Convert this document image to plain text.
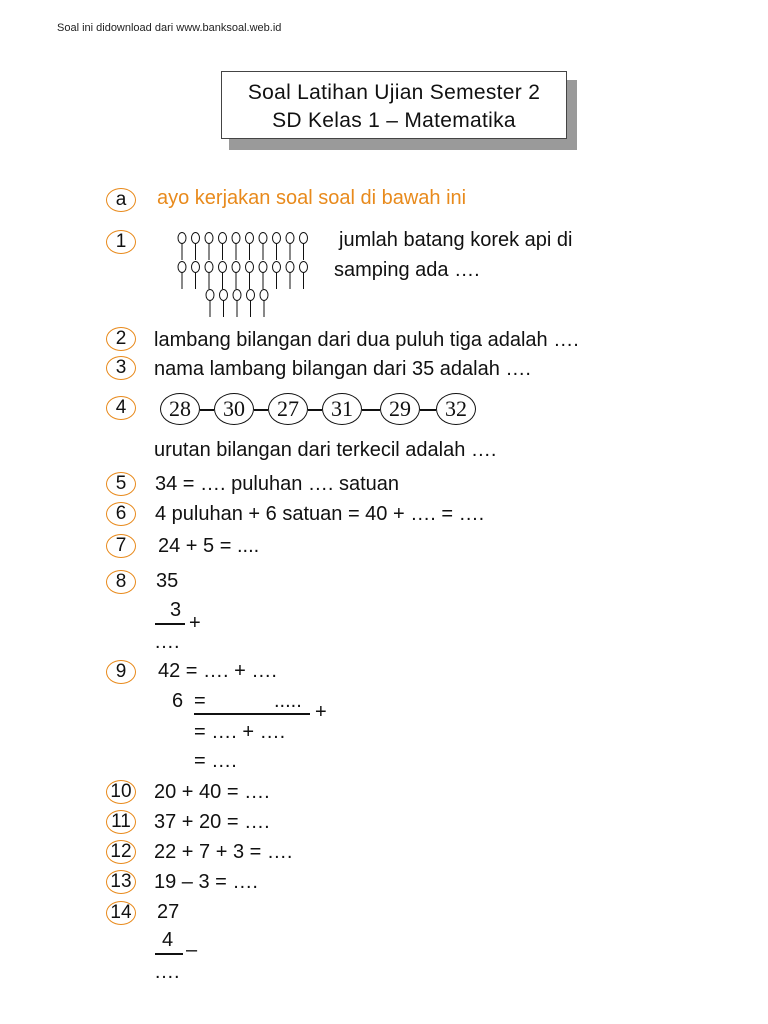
Soal ini didownload dari www.banksoal.web.id
Soal Latihan Ujian Semester 2
SD Kelas 1 – Matematika
a	ayo kerjakan soal soal di bawah ini
1	jumlah batang korek api di
samping ada ….
2	lambang bilangan dari dua puluh tiga adalah ….
3	nama lambang bilangan dari 35 adalah ….
4	28	30	27	31	29	32
urutan bilangan dari terkecil adalah ….
5	34 = …. puluhan …. satuan
6	4 puluhan + 6 satuan = 40 + …. = ….
7	24 + 5 = ....
8	35
3
+
….
9	42 = …. + ….
6 =	..... +
= …. + ….
= ….
10 20 + 40 = ….
11 37 + 20 = ….
12 22 + 7 + 3 = ….
13 19 – 3 = ….
14 27
4 –
….
